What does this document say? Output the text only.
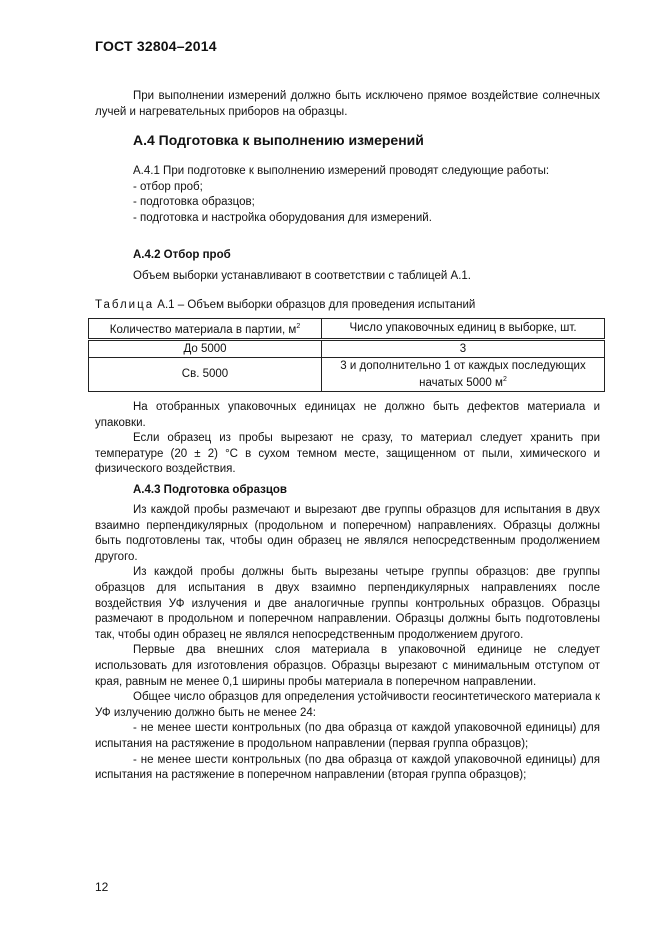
ГОСТ 32804–2014

При выполнении измерений должно быть исключено прямое воздействие солнечных лучей и нагревательных приборов на образцы.

А.4 Подготовка к выполнению измерений

А.4.1 При подготовке к выполнению измерений проводят следующие работы:

- отбор проб;

- подготовка образцов;

- подготовка и настройка оборудования для измерений.

А.4.2 Отбор проб

Объем выборки устанавливают в соответствии с таблицей А.1.

Таблица А.1 – Объем выборки образцов для проведения испытаний

Количество материала в партии, $м^2$	Число упаковочных единиц в выборке, шт.
До 5000	3
Св. 5000	3 и дополнительно 1 от каждых последующих начатых 5000 $м^2$

На отобранных упаковочных единицах не должно быть дефектов материала и упаковки.

Если образец из пробы вырезают не сразу, то материал следует хранить при температуре (20 ± 2) °С в сухом темном месте, защищенном от пыли, химического и физического воздействия.

А.4.3 Подготовка образцов

Из каждой пробы размечают и вырезают две группы образцов для испытания в двух взаимно перпендикулярных (продольном и поперечном) направлениях. Образцы должны быть подготовлены так, чтобы один образец не являлся непосредственным продолжением другого.

Из каждой пробы должны быть вырезаны четыре группы образцов: две группы образцов для испытания в двух взаимно перпендикулярных направлениях после воздействия УФ излучения и две аналогичные группы контрольных образцов. Образцы размечают в продольном и поперечном направлении. Образцы должны быть подготовлены так, чтобы один образец не являлся непосредственным продолжением другого.

Первые два внешних слоя материала в упаковочной единице не следует использовать для изготовления образцов. Образцы вырезают с минимальным отступом от края, равным не менее 0,1 ширины пробы материала в поперечном направлении.

Общее число образцов для определения устойчивости геосинтетического материала к УФ излучению должно быть не менее 24:

- не менее шести контрольных (по два образца от каждой упаковочной единицы) для испытания на растяжение в продольном направлении (первая группа образцов);

- не менее шести контрольных (по два образца от каждой упаковочной единицы) для испытания на растяжение в поперечном направлении (вторая группа образцов);

12
